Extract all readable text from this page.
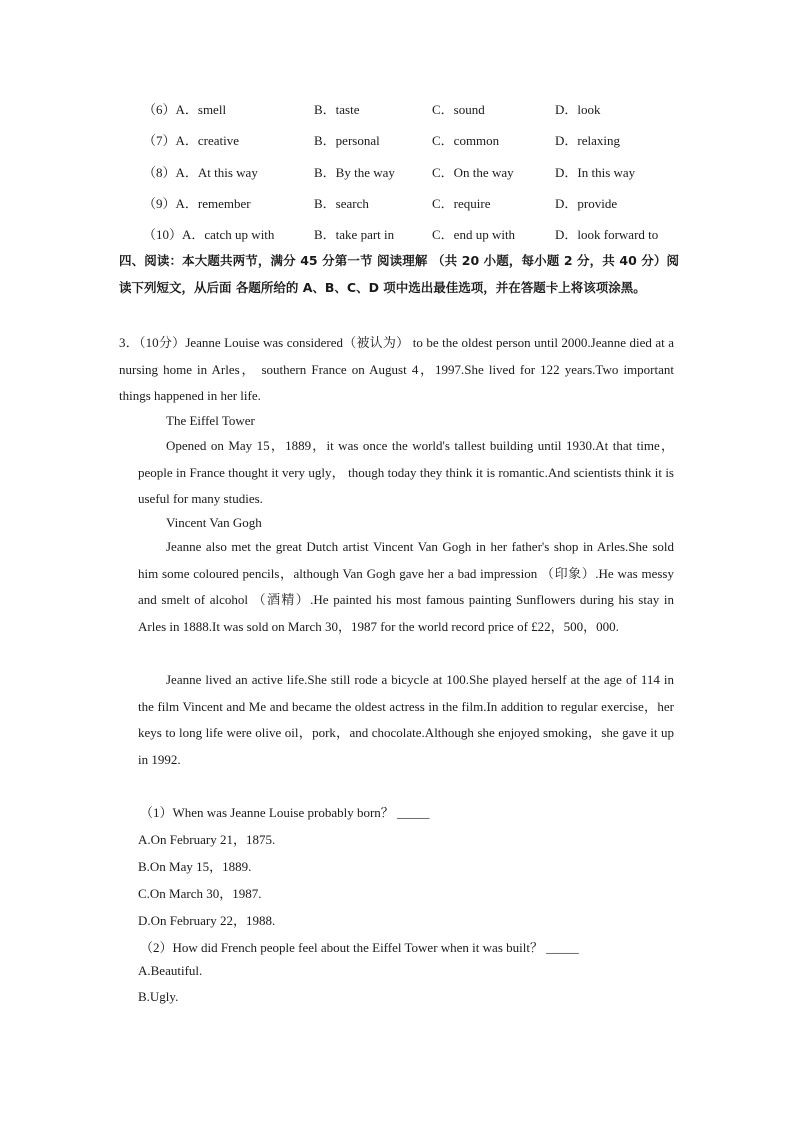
（6）A．smell	B．taste	C．sound	D．look
（7）A．creative	B．personal	C．common	D．relaxing
（8）A．At this way	B．By the way	C．On the way	D．In this way
（9）A．remember	B．search	C．require	D．provide
（10）A．catch up with	B．take part in	C．end up with	D．look forward to
四、阅读：本大题共两节，满分 45 分第一节 阅读理解 （共 20 小题，每小题 2 分，共 40 分）阅读下列短文，从后面 各题所给的 A、B、C、D 项中选出最佳选项，并在答题卡上将该项涂黑。
3．（10分）Jeanne Louise was considered（被认为） to be the oldest person until 2000.Jeanne died at a nursing home in Arles， southern France on August 4，1997.She lived for 122 years.Two important things happened in her life.
The Eiffel Tower
Opened on May 15，1889，it was once the world's tallest building until 1930.At that time， people in France thought it very ugly， though today they think it is romantic.And scientists think it is useful for many studies.
Vincent Van Gogh
Jeanne also met the great Dutch artist Vincent Van Gogh in her father's shop in Arles.She sold him some coloured pencils，although Van Gogh gave her a bad impression （印象）.He was messy and smelt of alcohol （酒精）.He painted his most famous painting Sunflowers during his stay in Arles in 1888.It was sold on March 30，1987 for the world record price of £22，500，000.
Jeanne lived an active life.She still rode a bicycle at 100.She played herself at the age of 114 in the film Vincent and Me and became the oldest actress in the film.In addition to regular exercise，her keys to long life were olive oil，pork，and chocolate.Although she enjoyed smoking，she gave it up in 1992.
（1）When was Jeanne Louise probably born？ _____
A.On February 21，1875.
B.On May 15，1889.
C.On March 30，1987.
D.On February 22，1988.
（2）How did French people feel about the Eiffel Tower when it was built？ _____
A.Beautiful.
B.Ugly.
